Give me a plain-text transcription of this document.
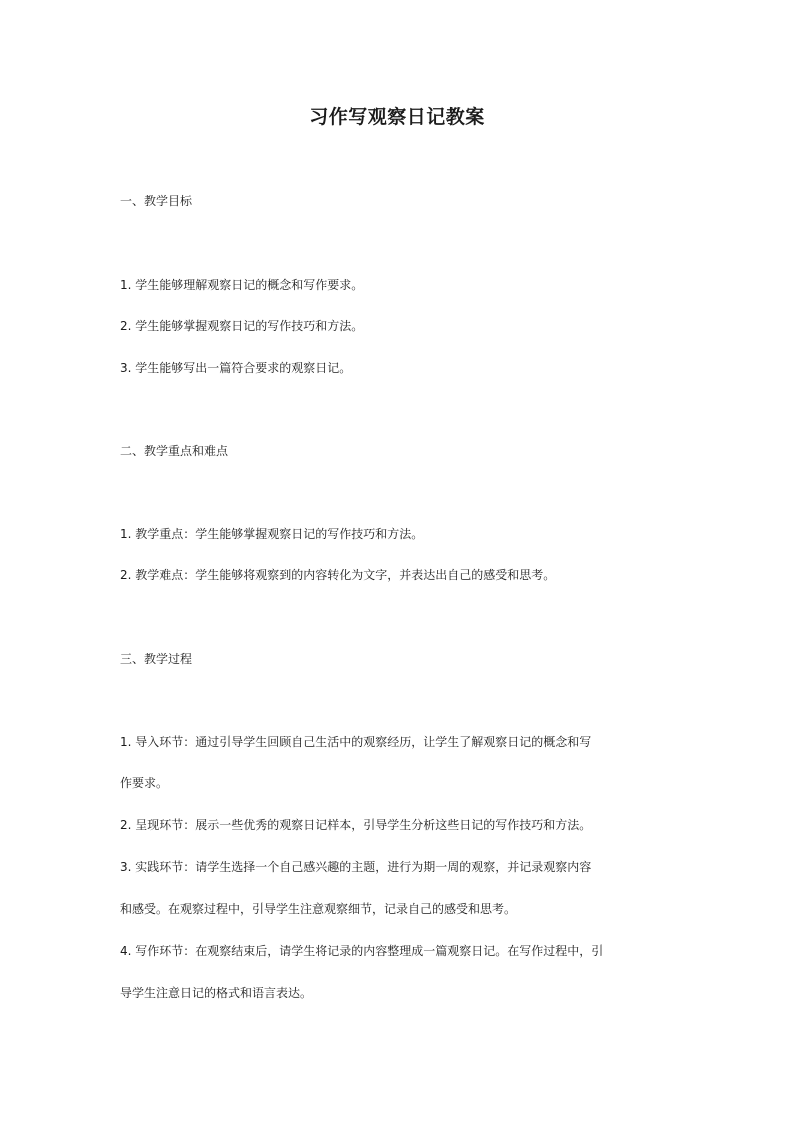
习作写观察日记教案
一、教学目标
1. 学生能够理解观察日记的概念和写作要求。
2. 学生能够掌握观察日记的写作技巧和方法。
3. 学生能够写出一篇符合要求的观察日记。
二、教学重点和难点
1. 教学重点：学生能够掌握观察日记的写作技巧和方法。
2. 教学难点：学生能够将观察到的内容转化为文字，并表达出自己的感受和思考。
三、教学过程
1. 导入环节：通过引导学生回顾自己生活中的观察经历，让学生了解观察日记的概念和写
作要求。
2. 呈现环节：展示一些优秀的观察日记样本，引导学生分析这些日记的写作技巧和方法。
3. 实践环节：请学生选择一个自己感兴趣的主题，进行为期一周的观察，并记录观察内容
和感受。在观察过程中，引导学生注意观察细节，记录自己的感受和思考。
4. 写作环节：在观察结束后，请学生将记录的内容整理成一篇观察日记。在写作过程中，引
导学生注意日记的格式和语言表达。
